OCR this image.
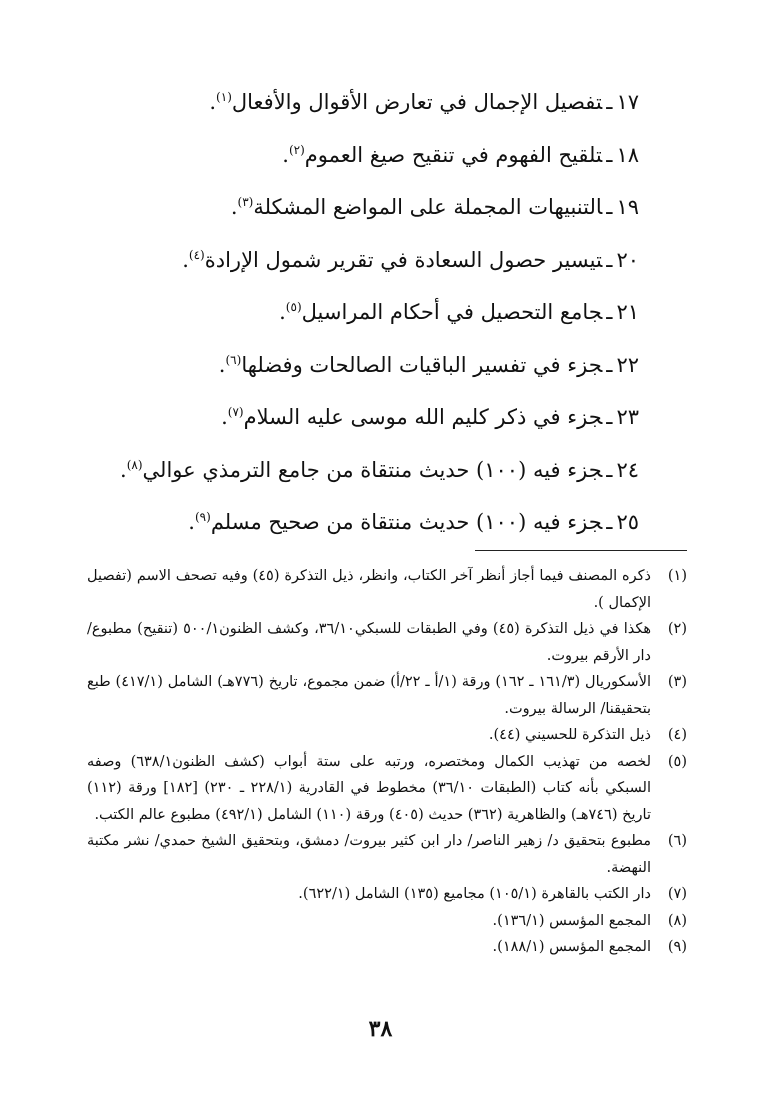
١٧ـتفصيل الإجمال في تعارض الأقوال والأفعال$^{(١)}$.
١٨ـتلقيح الفهوم في تنقيح صيغ العموم$^{(٢)}$.
١٩ـالتنبيهات المجملة على المواضع المشكلة$^{(٣)}$.
٢٠ـتيسير حصول السعادة في تقرير شمول الإرادة$^{(٤)}$.
٢١ـجامع التحصيل في أحكام المراسيل$^{(٥)}$.
٢٢ـجزء في تفسير الباقيات الصالحات وفضلها$^{(٦)}$.
٢٣ـجزء في ذكر كليم الله موسى عليه السلام$^{(٧)}$.
٢٤ـجزء فيه (١٠٠) حديث منتقاة من جامع الترمذي عوالي$^{(٨)}$.
٢٥ـجزء فيه (١٠٠) حديث منتقاة من صحيح مسلم$^{(٩)}$.
(١)
ذكره المصنف فيما أجاز أنظر آخر الكتاب، وانظر، ذيل التذكرة (٤٥) وفيه تصحف الاسم (تفصيل الإكمال ).
(٢)
هكذا في ذيل التذكرة (٤٥) وفي الطبقات للسبكي٣٦/١٠، وكشف الظنون٥٠٠/١ (تنقيح) مطبوع/ دار الأرقم بيروت.
(٣)
الأسكوريال (١٦١/٣ ـ ١٦٢) ورقة (١/أ ـ ٢٢/أ) ضمن مجموع، تاريخ (٧٧٦هـ) الشامل (٤١٧/١) طبع بتحقيقنا/ الرسالة بيروت.
(٤)
ذيل التذكرة للحسيني (٤٤).
(٥)
لخصه من تهذيب الكمال ومختصره، ورتبه على ستة أبواب (كشف الظنون٦٣٨/١) وصفه السبكي بأنه كتاب (الطبقات ٣٦/١٠) مخطوط في القادرية (٢٢٨/١ ـ ٢٣٠) [١٨٢] ورقة (١١٢) تاريخ (٧٤٦هـ) والظاهرية (٣٦٢) حديث (٤٠٥) ورقة (١١٠) الشامل (٤٩٢/١) مطبوع عالم الكتب.
(٦)
مطبوع بتحقيق د/ زهير الناصر/ دار ابن كثير بيروت/ دمشق، وبتحقيق الشيخ حمدي/ نشر مكتبة النهضة.
(٧)
دار الكتب بالقاهرة (١٠٥/١) مجاميع (١٣٥) الشامل (٦٢٢/١).
(٨)
المجمع المؤسس (١٣٦/١).
(٩)
المجمع المؤسس (١٨٨/١).
٣٨
